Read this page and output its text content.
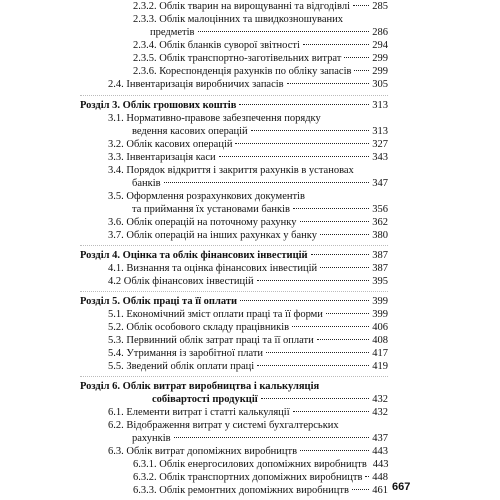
2.3.2. Облік тварин на вирощуванні та відгодівлі 285
2.3.3. Облік малоцінних та швидкозношуваних
предметів	286
2.3.4. Облік бланків суворої звітності	294
2.3.5. Облік транспортно-заготівельних витрат	299
2.3.6. Кореспонденція рахунків по обліку запасів 299
2.4. Інвентаризація виробничих запасів	305
Розділ 3. Облік грошових коштів	313
3.1. Нормативно-правове забезпечення порядку
ведення касових операцій	313
3.2. Облік касових операцій	327
3.3. Інвентаризація каси	343
3.4. Порядок відкриття і закриття рахунків в установах
банків	347
3.5. Оформлення розрахункових документів
та приймання їх установами банків	356
3.6. Облік операцій на поточному рахунку	362
3.7. Облік операцій на інших рахунках у банку	380
Розділ 4. Оцінка та облік фінансових інвестицій	387
4.1. Визнання та оцінка фінансових інвестицій	387
4.2 Облік фінансових інвестицій	395
Розділ 5. Облік праці та її оплати	399
5.1. Економічний зміст оплати праці та її форми	399
5.2. Облік особового складу працівників	406
5.3. Первинний облік затрат праці та її оплати	408
5.4. Утримання із заробітної плати	417
5.5. Зведений облік оплати праці	419
Розділ 6. Облік витрат виробництва і калькуляція
собівартості продукції	432
6.1. Елементи витрат і статті калькуляції	432
6.2. Відображення витрат у системі бухгалтерських
рахунків	437
6.3. Облік витрат допоміжних виробництв	443
6.3.1. Облік енергосилових допоміжних виробництв 443
6.3.2. Облік транспортних допоміжних виробництв 448
6.3.3. Облік ремонтних допоміжних виробництв 461 667
